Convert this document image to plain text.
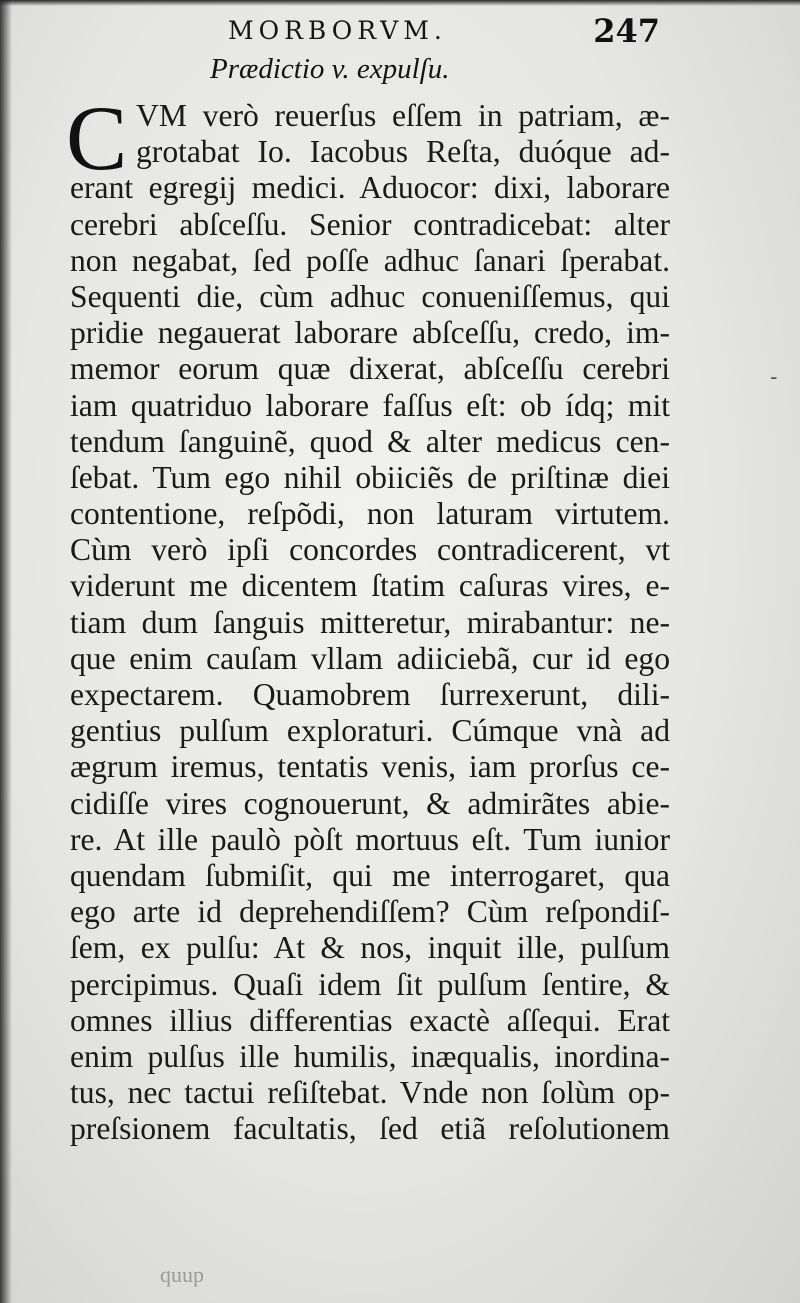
MORBORVM.	247
Prædictio v. expulſu.
C VM verò reuerſus eſſem in patriam, æ-
grotabat Io. Iacobus Reſta, duóque ad-
erant egregij medici. Aduocor: dixi, laborare
cerebri abſceſſu. Senior contradicebat: alter
non negabat, ſed poſſe adhuc ſanari ſperabat.
Sequenti die, cùm adhuc conueniſſemus, qui
pridie negauerat laborare abſceſſu, credo, im-
memor eorum quæ dixerat, abſceſſu cerebri
iam quatriduo laborare faſſus eſt: ob ídq; mit
tendum ſanguinẽ, quod & alter medicus cen-
ſebat. Tum ego nihil obiiciẽs de priſtinæ diei
contentione, reſpõdi, non laturam virtutem.
Cùm verò ipſi concordes contradicerent, vt
viderunt me dicentem ſtatim caſuras vires, e-
tiam dum ſanguis mitteretur, mirabantur: ne-
que enim cauſam vllam adiiciebã, cur id ego
expectarem. Quamobrem ſurrexerunt, dili-
gentius pulſum exploraturi. Cúmque vnà ad
ægrum iremus, tentatis venis, iam prorſus ce-
cidiſſe vires cognouerunt, & admirãtes abie-
re. At ille paulò pòſt mortuus eſt. Tum iunior
quendam ſubmiſit, qui me interrogaret, qua
ego arte id deprehendiſſem? Cùm reſpondiſ-
ſem, ex pulſu: At & nos, inquit ille, pulſum
percipimus. Quaſi idem ſit pulſum ſentire, &
omnes illius differentias exactè aſſequi. Erat
enim pulſus ille humilis, inæqualis, inordina-
tus, nec tactui reſiſtebat. Vnde non ſolùm op-
preſsionem facultatis, ſed etiã reſolutionem
-
quup
